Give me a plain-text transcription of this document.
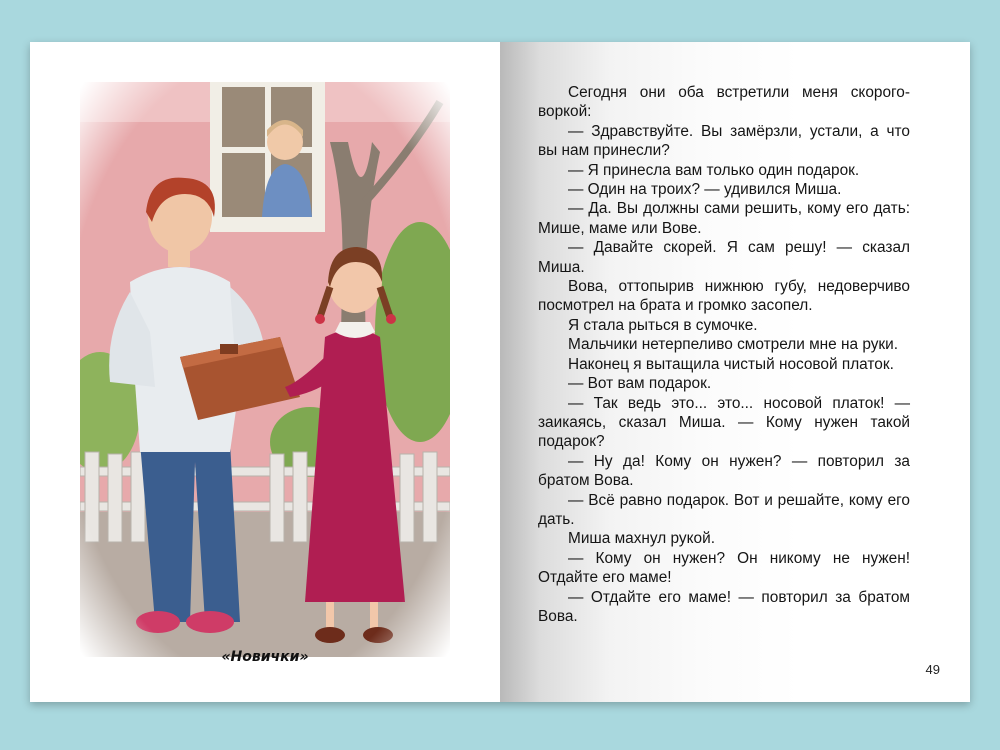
«Новички»

Сегодня они оба встретили меня скороговоркой:

— Здравствуйте. Вы замёрзли, устали, а что вы нам принесли?

— Я принесла вам только один подарок.

— Один на троих? — удивился Миша.

— Да. Вы должны сами решить, кому его дать: Мише, маме или Вове.

— Давайте скорей. Я сам решу! — сказал Миша.

Вова, оттопырив нижнюю губу, недоверчиво посмотрел на брата и громко засопел.

Я стала рыться в сумочке.

Мальчики нетерпеливо смотрели мне на руки.

Наконец я вытащила чистый носовой платок.

— Вот вам подарок.

— Так ведь это... это... носовой платок! — заикаясь, сказал Миша. — Кому нужен такой подарок?

— Ну да! Кому он нужен? — повторил за братом Вова.

— Всё равно подарок. Вот и решайте, кому его дать.

Миша махнул рукой.

— Кому он нужен? Он никому не нужен! Отдайте его маме!

— Отдайте его маме! — повторил за братом Вова.

49
